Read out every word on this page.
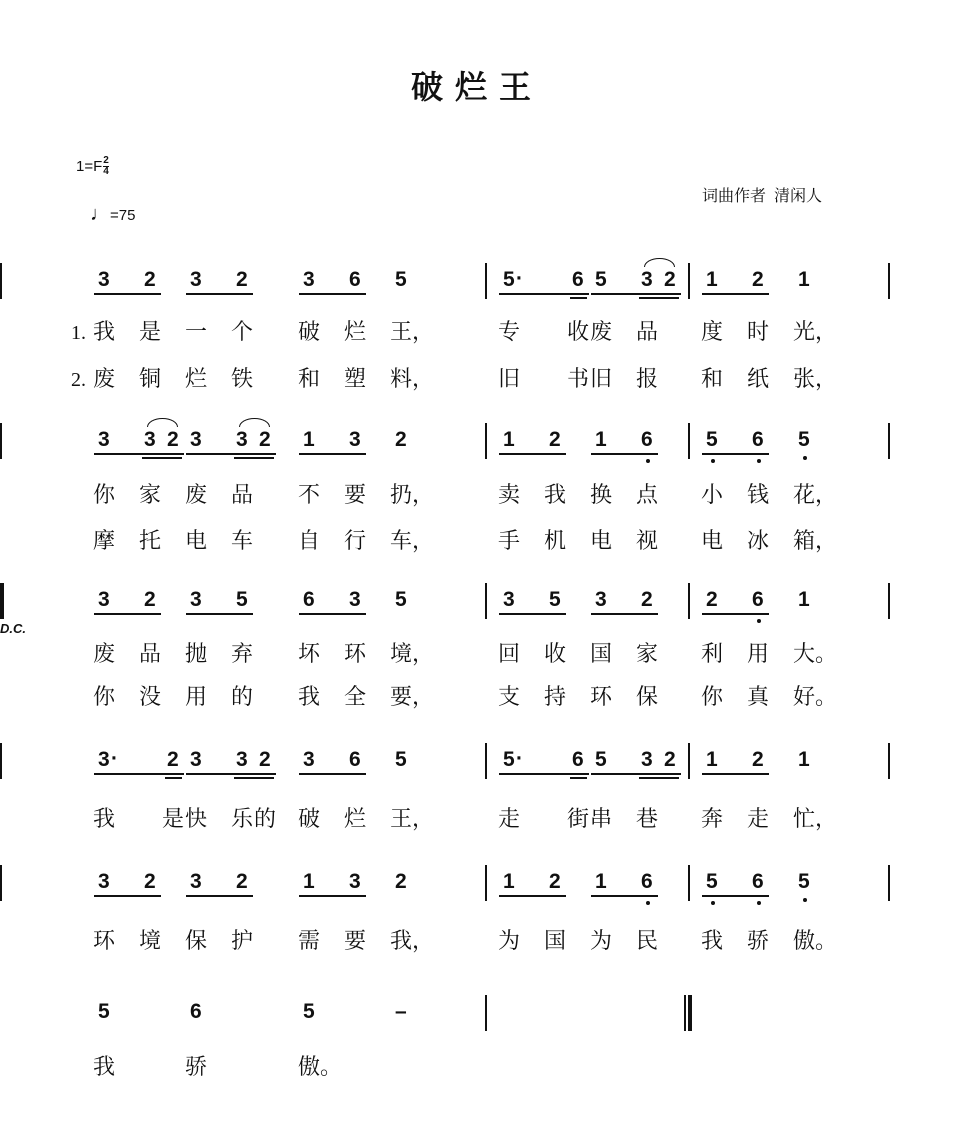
破烂王
$1=F \frac{2}{4}$
♩=75
词曲作者 清闲人
3 2 3 2	3 6 5	5 ·	6 5 3 2 1 2 1
1. 我 是 一 个 破 烂 王，	专 收 废 品 度 时 光，
2. 废 铜 烂 铁 和 塑 料，	旧 书 旧 报 和 纸 张，
3 3 2 3 3 2 1 3 2	1 2 1 6	5 6 5
你 家 废 品 不 要 扔，	卖 我 换 点 小 钱 花，
摩 托 电 车 自 行 车，	手 机 电 视 电 冰 箱，
3 2 3 5	6 3 5	3 5 3 2	2 6 1
D.C.
废 品 抛 弃 坏 环 境，	回 收 国 家 利 用 大。
你 没 用 的 我 全 要，	支 持 环 保 你 真 好。
3 ·	2 3 3 2 3 6 5	5 ·	6 5 3 2 1 2 1
我 是 快 乐 的 破 烂 王，	走 街 串 巷 奔 走 忙，
3 2 3 2	1 3 2	1 2 1 6	5 6 5
环 境 保 护 需 要 我，	为 国 为 民 我 骄 傲。
5	6	5	–
我	骄	傲。
